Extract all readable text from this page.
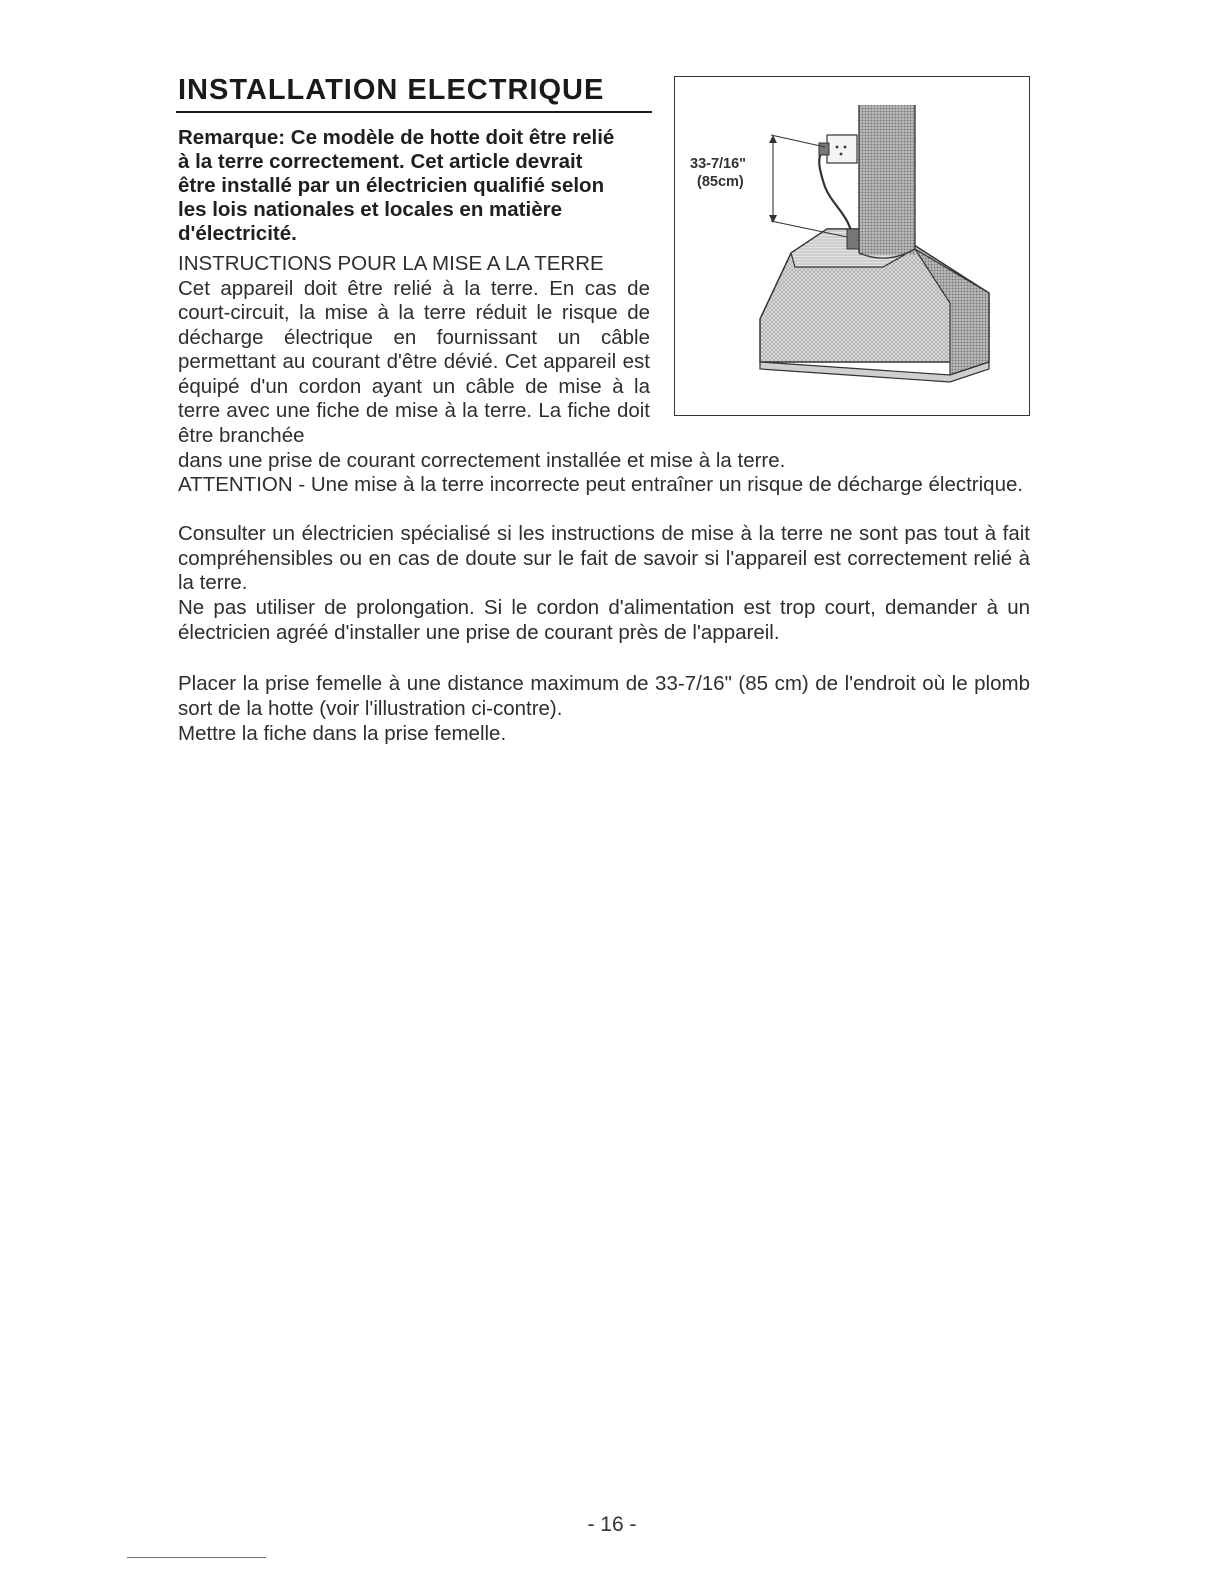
INSTALLATION ELECTRIQUE

Remarque: Ce modèle de hotte doit être relié
à la terre correctement. Cet article devrait
être installé par un électricien qualifié selon
les lois nationales et locales en matière
d'électricité.

INSTRUCTIONS POUR LA MISE A LA TERRE
Cet appareil doit être relié à la terre. En cas de court-circuit, la mise à la terre réduit le risque de décharge électrique en fournissant un câble permettant au courant d'être dévié. Cet appareil est équipé d'un cordon ayant un câble de mise à la terre avec une fiche de mise à la terre. La fiche doit être branchée

dans une prise de courant correctement installée et mise à la terre.

ATTENTION - Une mise à la terre incorrecte peut entraîner un risque de décharge électrique.

Consulter un électricien spécialisé si les instructions de mise à la terre ne sont pas tout à fait compréhensibles ou en cas de doute sur le fait de savoir si l'appareil est correctement relié à la terre.

Ne pas utiliser de prolongation. Si le cordon d'alimentation est trop court, demander à un électricien agréé d'installer une prise de courant près de l'appareil.

Placer la prise femelle à une distance maximum de 33-7/16" (85 cm) de l'endroit où le plomb sort de la hotte (voir l'illustration ci-contre).

Mettre la fiche dans la prise femelle.

33-7/16"
(85cm)
- 16 -
